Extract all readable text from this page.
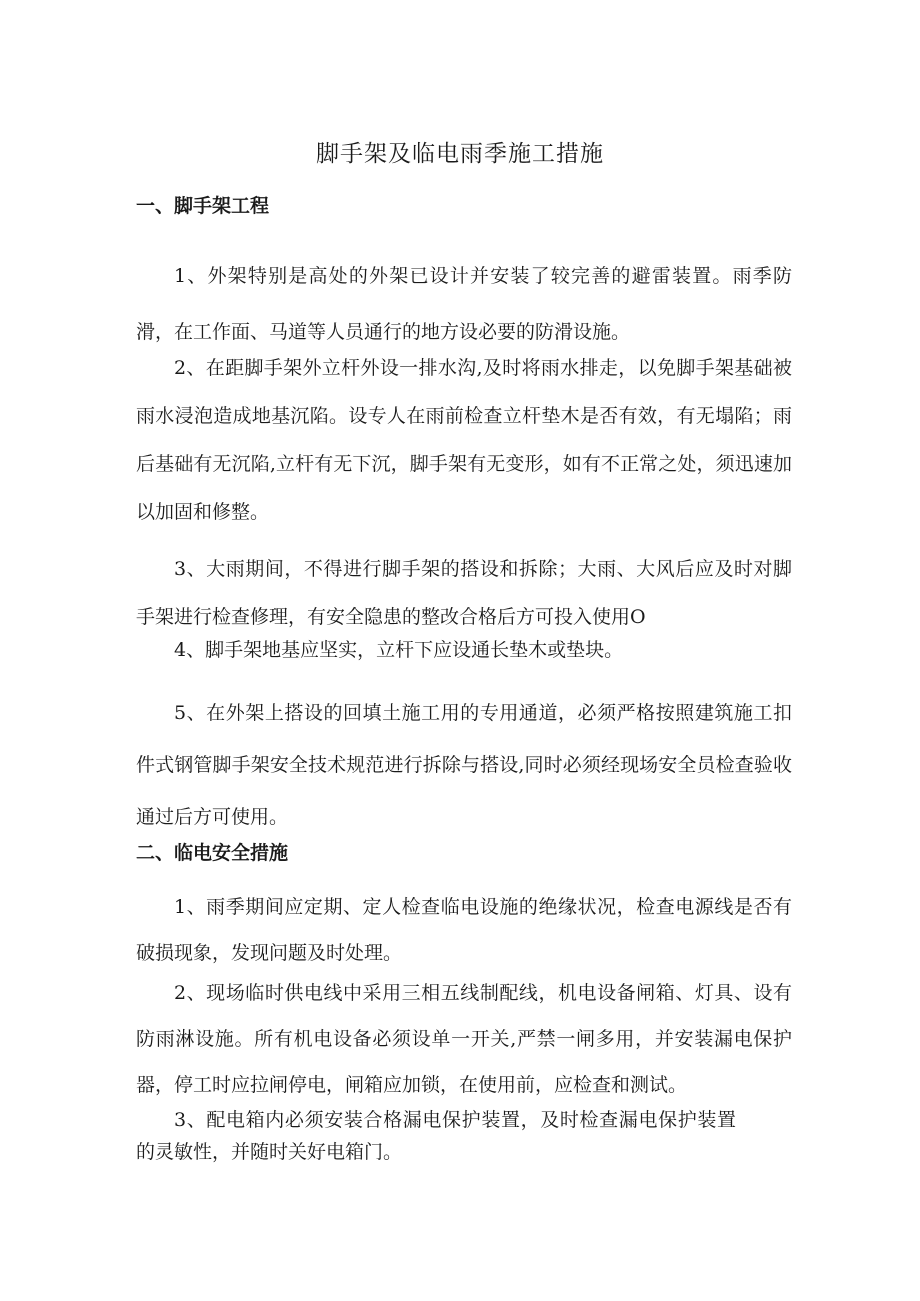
脚手架及临电雨季施工措施
一、脚手架工程
1、外架特别是高处的外架已设计并安装了较完善的避雷装置。雨季防滑，在工作面、马道等人员通行的地方设必要的防滑设施。
2、在距脚手架外立杆外设一排水沟,及时将雨水排走，以免脚手架基础被雨水浸泡造成地基沉陷。设专人在雨前检查立杆垫木是否有效，有无塌陷；雨后基础有无沉陷,立杆有无下沉，脚手架有无变形，如有不正常之处，须迅速加以加固和修整。
3、大雨期间，不得进行脚手架的搭设和拆除；大雨、大风后应及时对脚手架进行检查修理，有安全隐患的整改合格后方可投入使用O
4、脚手架地基应坚实，立杆下应设通长垫木或垫块。
5、在外架上搭设的回填土施工用的专用通道，必须严格按照建筑施工扣件式钢管脚手架安全技术规范进行拆除与搭设,同时必须经现场安全员检查验收通过后方可使用。
二、临电安全措施
1、雨季期间应定期、定人检查临电设施的绝缘状况，检查电源线是否有破损现象，发现问题及时处理。
2、现场临时供电线中采用三相五线制配线，机电设备闸箱、灯具、设有防雨淋设施。所有机电设备必须设单一开关,严禁一闸多用，并安装漏电保护器，停工时应拉闸停电，闸箱应加锁，在使用前，应检查和测试。
3、配电箱内必须安装合格漏电保护装置，及时检查漏电保护装置的灵敏性，并随时关好电箱门。
